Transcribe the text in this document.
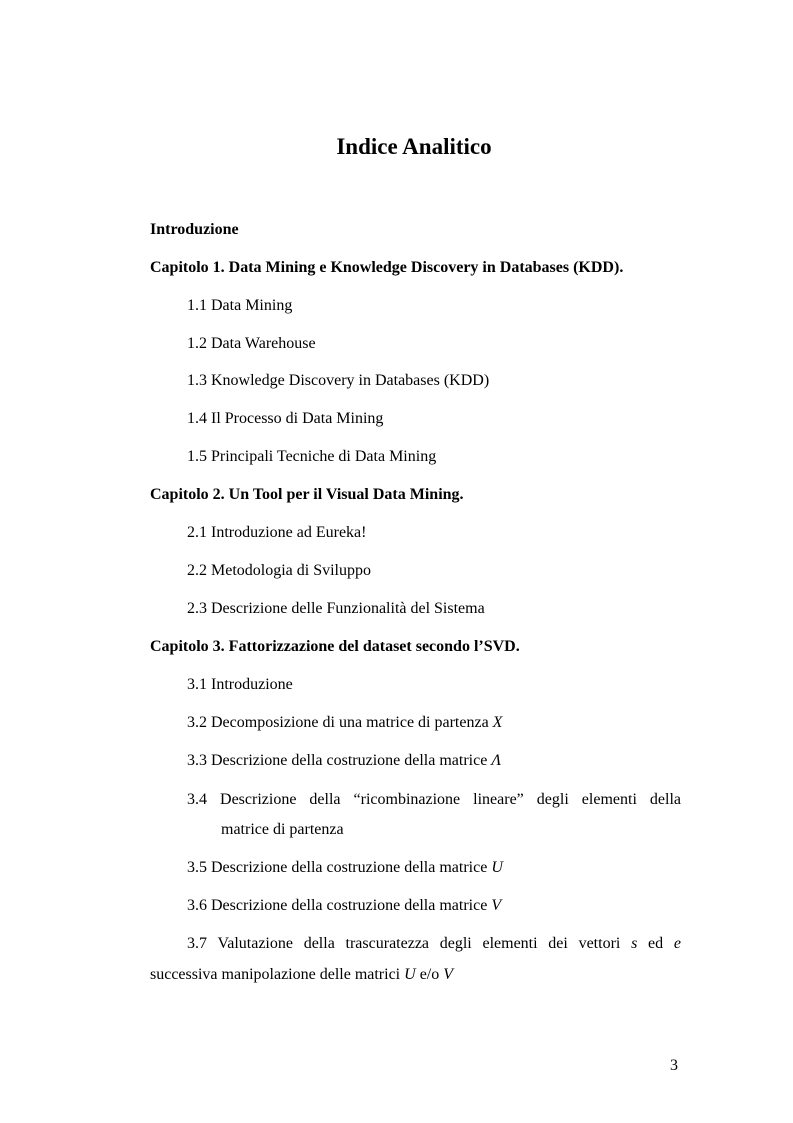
Indice Analitico
Introduzione
Capitolo 1. Data Mining e Knowledge Discovery in Databases (KDD).
1.1 Data Mining
1.2 Data Warehouse
1.3 Knowledge Discovery in Databases (KDD)
1.4 Il Processo di Data Mining
1.5 Principali Tecniche di Data Mining
Capitolo 2. Un Tool per il Visual Data Mining.
2.1 Introduzione ad Eureka!
2.2 Metodologia di Sviluppo
2.3 Descrizione delle Funzionalità del Sistema
Capitolo 3. Fattorizzazione del dataset secondo l’SVD.
3.1 Introduzione
3.2 Decomposizione di una matrice di partenza X
3.3 Descrizione della costruzione della matrice Λ
3.4 Descrizione della “ricombinazione lineare” degli elementi della
matrice di partenza
3.5 Descrizione della costruzione della matrice U
3.6 Descrizione della costruzione della matrice V
3.7 Valutazione della trascuratezza degli elementi dei vettori s ed e
successiva manipolazione delle matrici U e/o V
3
